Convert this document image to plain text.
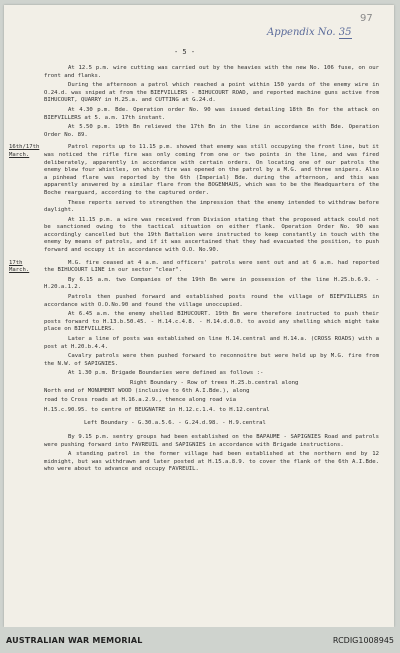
97
Appendix No. 35
- 5 -

At 12.5 p.m. wire cutting was carried out by the heavies with the new No. 106 fuse, on our front and flanks.

During the afternoon a patrol which reached a point within 150 yards of the enemy wire in O.24.d. was sniped at from the BIEFVILLERS - BIHUCOURT ROAD, and reported machine guns active from BIHUCOURT, QUARRY in H.25.a. and CUTTING at G.24.d.

At 4.30 p.m. Bde. Operation order No. 90 was issued detailing 18th Bn for the attack on BIEFVILLERS at 5. a.m. 17th instant.

At 5.50 p.m. 19th Bn relieved the 17th Bn in the line in accordance with Bde. Operation Order No. 89.

16th/17th March.

Patrol reports up to 11.15 p.m. showed that enemy was still occupying the front line, but it was noticed the rifle fire was only coming from one or two points in the line, and was fired deliberately, apparently in accordance with certain orders. On locating one of our patrols the enemy blew four whistles, on which fire was opened on the patrol by a M.G. and three snipers. Also a pinhead flare was reported by the 6th (Imperial) Bde. during the afternoon, and this was apparently answered by a similar flare from the BOGENHAUS, which was to be the Headquarters of the Boche rearguard, according to the captured order.

These reports served to strengthen the impression that the enemy intended to withdraw before daylight.

At 11.15 p.m. a wire was received from Division stating that the proposed attack could not be sanctioned owing to the tactical situation on either flank. Operation Order No. 90 was accordingly cancelled but the 19th Battalion were instructed to keep constantly in touch with the enemy by means of patrols, and if it was ascertained that they had evacuated the position, to push forward and occupy it in accordance with O.O. No.90.

17th March.

M.G. fire ceased at 4 a.m. and officers' patrols were sent out and at 6 a.m. had reported the BIHUCOURT LINE in our sector "clear".

By 6.15 a.m. two Companies of the 19th Bn were in possession of the line H.25.b.6.9. - H.20.a.1.2.

Patrols then pushed forward and established posts round the village of BIEFVILLERS in accordance with O.O.No.90 and found the village unoccupied.

At 6.45 a.m. the enemy shelled BIHUCOURT. 19th Bn were therefore instructed to push their posts forward to H.13.b.50.45. - H.14.c.4.8. - H.14.d.0.0. to avoid any shelling which might take place on BIEFVILLERS.

Later a line of posts was established on line H.14.central and H.14.a. (CROSS ROADS) with a post at H.20.b.4.4.

Cavalry patrols were then pushed forward to reconnoitre but were held up by M.G. fire from the N.W. of SAPIGNIES.

At 1.30 p.m. Brigade Boundaries were defined as follows :-

Right Boundary - Row of trees H.25.b.central along

North end of MONUMENT WOOD (inclusive to 6th A.I.Bde.), along

road to Cross roads at H.16.a.2.9., thence along road via

H.15.c.90.95. to centre of BEUGNATRE in H.12.c.1.4. to H.12.central

Left Boundary - G.30.a.5.6. - G.24.d.98. - H.9.central

By 9.15 p.m. sentry groups had been established on the BAPAUME - SAPIGNIES Road and patrols were pushing forward into FAVREUIL and SAPIGNIES in accordance with Brigade instructions.

A standing patrol in the former village had been established at the northern end by 12 midnight, but was withdrawn and later posted at H.15.a.8.9. to cover the flank of the 6th A.I.Bde. who were about to advance and occupy FAVREUIL.

AUSTRALIAN WAR MEMORIAL	RCDIG1008945
